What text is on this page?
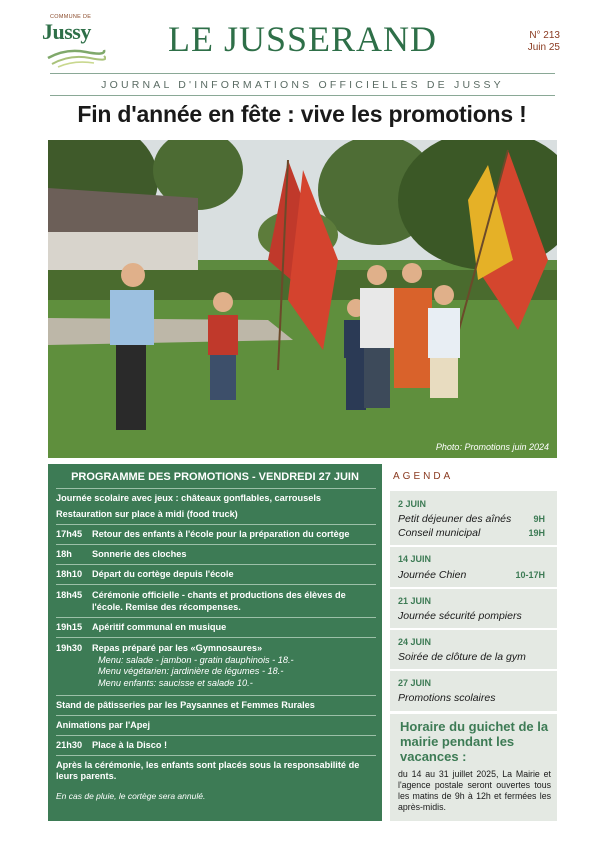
COMMUNE DE
Jussy	LE JUSSERAND	N° 213
Juin 25
JOURNAL D'INFORMATIONS OFFICIELLES DE JUSSY
Fin d'année en fête : vive les promotions !
Photo: Promotions juin 2024
PROGRAMME DES PROMOTIONS - VENDREDI 27 JUIN
Journée scolaire avec jeux : châteaux gonflables, carrousels
Restauration sur place à midi (food truck)
17h45	Retour des enfants à l'école pour la préparation du cortège
18h	Sonnerie des cloches
18h10	Départ du cortège depuis l'école
18h45	Cérémonie officielle - chants et productions des élèves de
l'école. Remise des récompenses.
19h15	Apéritif communal en musique
19h30	Repas préparé par les «Gymnosaures»
Menu: salade - jambon - gratin dauphinois - 18.-
Menu végétarien: jardinière de légumes - 18.-
Menu enfants: saucisse et salade 10.-
Stand de pâtisseries par les Paysannes et Femmes Rurales
Animations par l'Apej
21h30	Place à la Disco !
Après la cérémonie, les enfants sont placés sous la responsabilité de
leurs parents.
En cas de pluie, le cortège sera annulé.
AGENDA
2 JUIN
Petit déjeuner des aînés 9H
Conseil municipal	19H
14 JUIN
Journée Chien	10-17H
21 JUIN
Journée sécurité pompiers
24 JUIN
Soirée de clôture de la gym
27 JUIN
Promotions scolaires
Horaire du guichet de la mairie pendant les vacances :
du 14 au 31 juillet 2025, La Mairie et l'agence postale seront ouvertes tous les matins de 9h à 12h et fermées les après-midis.
